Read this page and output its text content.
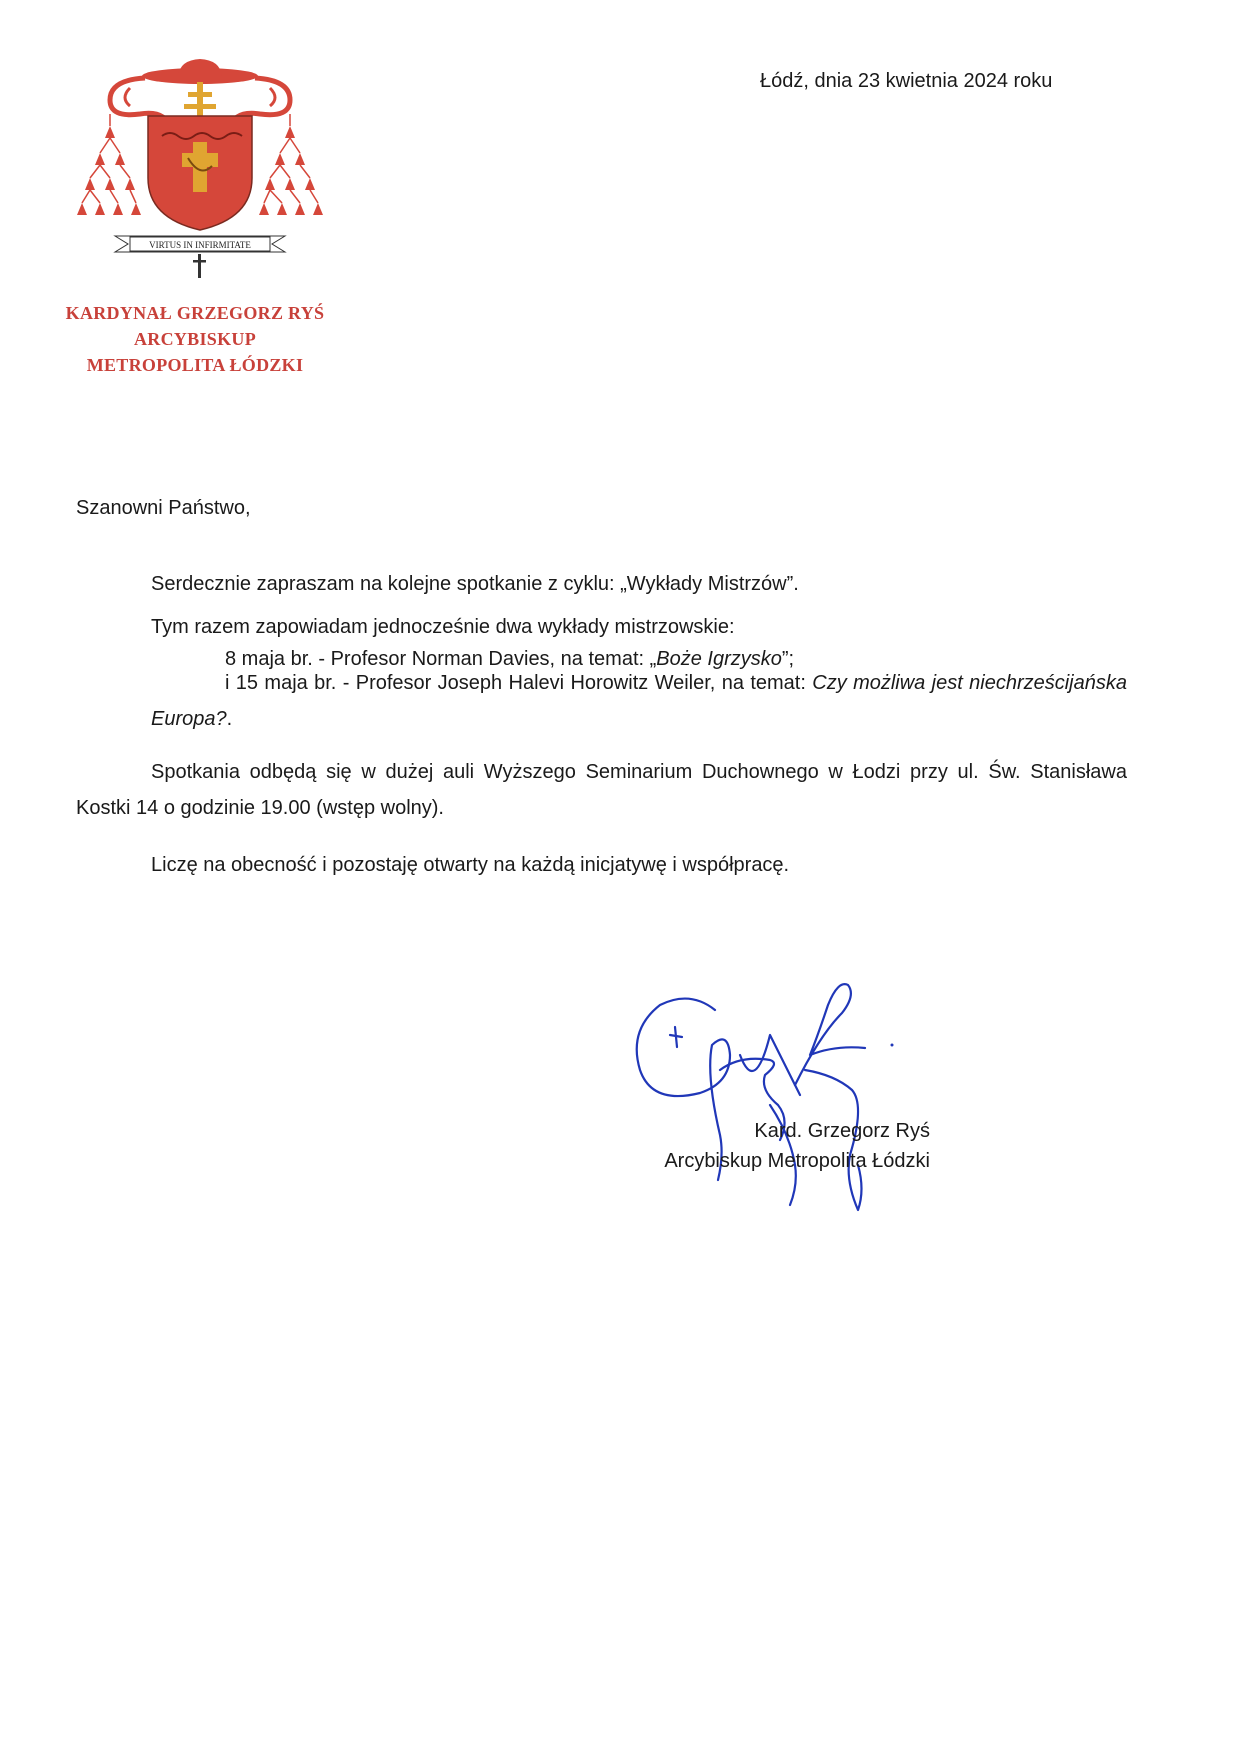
Łódź, dnia 23 kwietnia 2024 roku
VIRTUS IN INFIRMITATE
KARDYNAŁ GRZEGORZ RYŚ
ARCYBISKUP
METROPOLITA ŁÓDZKI
Szanowni Państwo,
Serdecznie zapraszam na kolejne spotkanie z cyklu: „Wykłady Mistrzów”.
Tym razem zapowiadam jednocześnie dwa wykłady mistrzowskie:
8 maja br. - Profesor Norman Davies, na temat: „Boże Igrzysko”;
i 15 maja br. - Profesor Joseph Halevi Horowitz Weiler, na temat: Czy możliwa jest niechrześcijańska Europa?.
Spotkania odbędą się w dużej auli Wyższego Seminarium Duchownego w Łodzi przy ul. Św. Stanisława Kostki 14 o godzinie 19.00 (wstęp wolny).
Liczę na obecność i pozostaję otwarty na każdą inicjatywę i współpracę.
Kard. Grzegorz Ryś
Arcybiskup Metropolita Łódzki
